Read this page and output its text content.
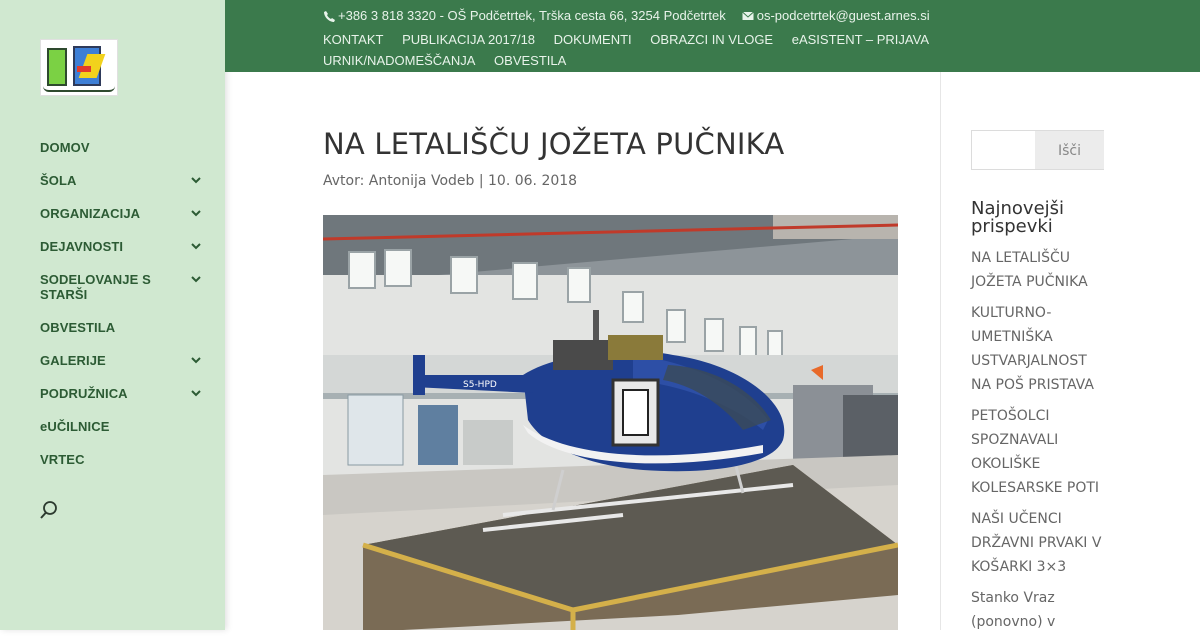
DOMOV
ŠOLA
ORGANIZACIJA
DEJAVNOSTI
SODELOVANJE S STARŠI
OBVESTILA
GALERIJE
PODRUŽNICA
eUČILNICE
VRTEC
+386 3 818 3320 - OŠ Podčetrtek, Trška cesta 66, 3254 Podčetrtek os-podcetrtek@guest.arnes.si
KONTAKT PUBLIKACIJA 2017/18 DOKUMENTI OBRAZCI IN VLOGE eASISTENT – PRIJAVA URNIK/NADOMEŠČANJA OBVESTILA
NA LETALIŠČU JOŽETA PUČNIKA
Avtor: Antonija Vodeb | 10. 06. 2018
S5-HPD
Išči
Najnovejši prispevki
NA LETALIŠČU JOŽETA PUČNIKA
KULTURNO-UMETNIŠKA USTVARJALNOST NA POŠ PRISTAVA
PETOŠOLCI SPOZNAVALI OKOLIŠKE KOLESARSKE POTI
NAŠI UČENCI DRŽAVNI PRVAKI V KOŠARKI 3×3
Stanko Vraz (ponovno) v
